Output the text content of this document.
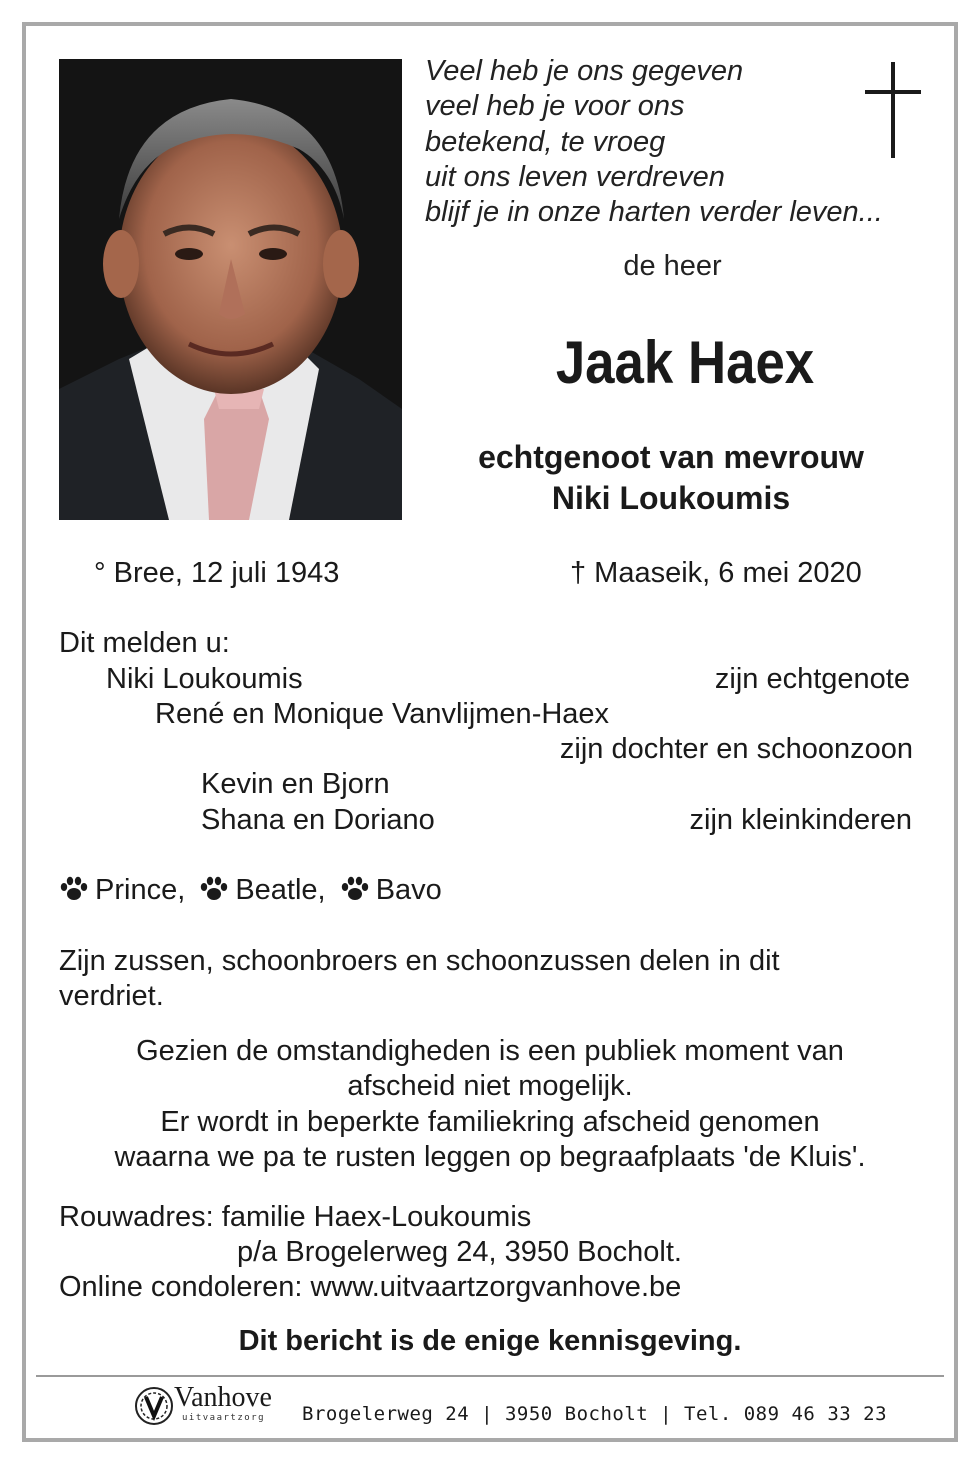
Veel heb je ons gegeven
veel heb je voor ons
betekend, te vroeg
uit ons leven verdreven
blijf je in onze harten verder leven...
de heer
Jaak Haex
echtgenoot van mevrouw
Niki Loukoumis
° Bree, 12 juli 1943	† Maaseik, 6 mei 2020
Dit melden u:
Niki Loukoumis	zijn echtgenote
René en Monique Vanvlijmen-Haex
zijn dochter en schoonzoon
Kevin en Bjorn
Shana en Doriano	zijn kleinkinderen
Prince, Beatle, Bavo
Zijn zussen, schoonbroers en schoonzussen delen in dit
verdriet.
Gezien de omstandigheden is een publiek moment van
afscheid niet mogelijk.
Er wordt in beperkte familiekring afscheid genomen
waarna we pa te rusten leggen op begraafplaats 'de Kluis'.
Rouwadres: familie Haex-Loukoumis
p/a Brogelerweg 24, 3950 Bocholt.
Online condoleren: www.uitvaartzorgvanhove.be
Dit bericht is de enige kennisgeving.
Vanhove
uitvaartzorg Brogelerweg 24 | 3950 Bocholt | Tel. 089 46 33 23
